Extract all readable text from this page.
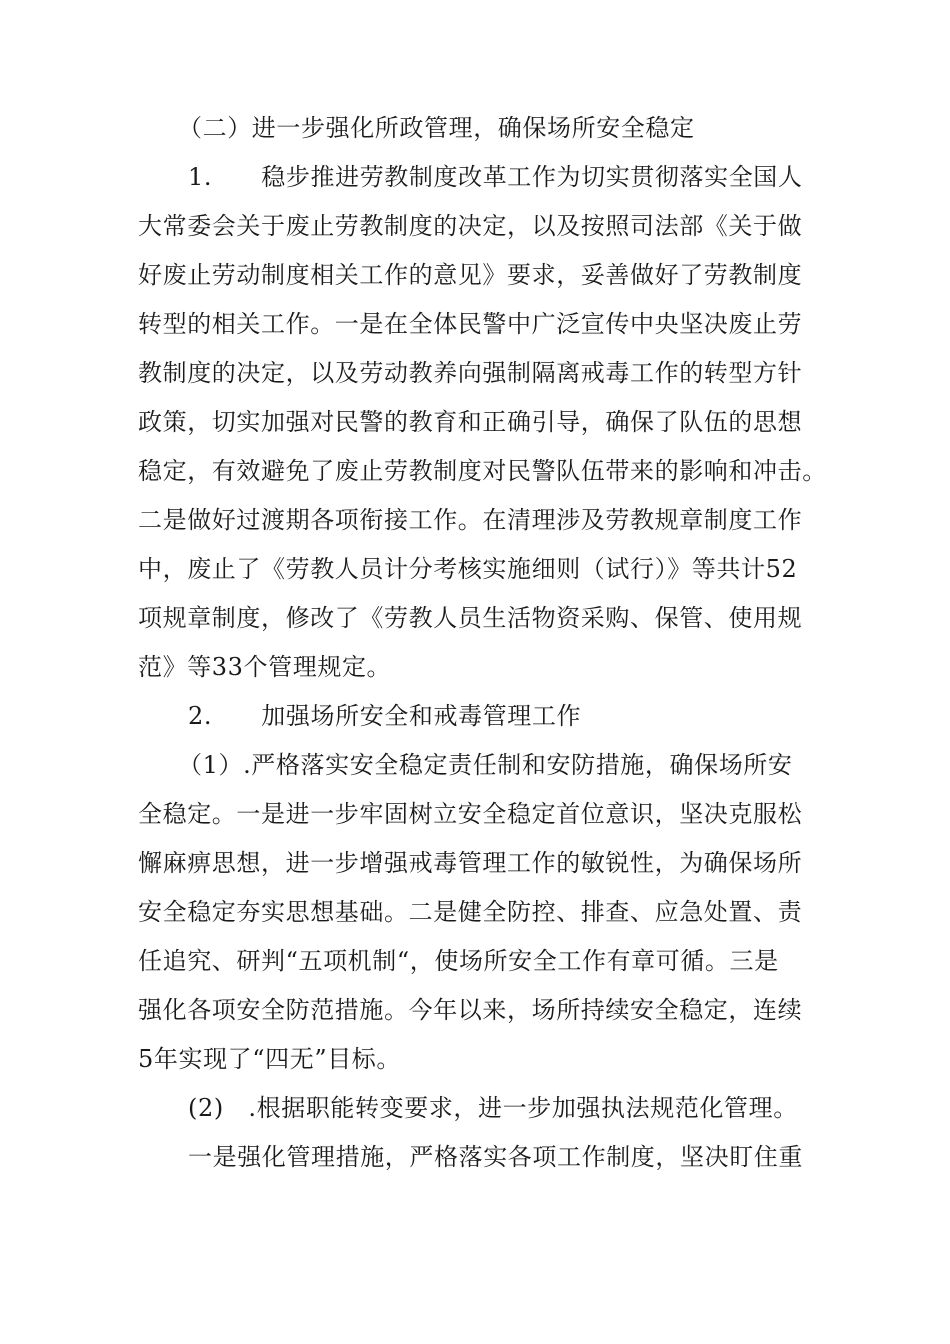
（二）进一步强化所政管理，确保场所安全稳定
1.　　稳步推进劳教制度改革工作为切实贯彻落实全国人
大常委会关于废止劳教制度的决定，以及按照司法部《关于做
好废止劳动制度相关工作的意见》要求，妥善做好了劳教制度
转型的相关工作。一是在全体民警中广泛宣传中央坚决废止劳
教制度的决定，以及劳动教养向强制隔离戒毒工作的转型方针
政策，切实加强对民警的教育和正确引导，确保了队伍的思想
稳定，有效避免了废止劳教制度对民警队伍带来的影响和冲击。
二是做好过渡期各项衔接工作。在清理涉及劳教规章制度工作
中，废止了《劳教人员计分考核实施细则（试行）》等共计52
项规章制度，修改了《劳教人员生活物资采购、保管、使用规
范》等33个管理规定。
2.　　加强场所安全和戒毒管理工作
（1）.严格落实安全稳定责任制和安防措施，确保场所安
全稳定。一是进一步牢固树立安全稳定首位意识，坚决克服松
懈麻痹思想，进一步增强戒毒管理工作的敏锐性，为确保场所
安全稳定夯实思想基础。二是健全防控、排查、应急处置、责
任追究、研判“五项机制“，使场所安全工作有章可循。三是
强化各项安全防范措施。今年以来，场所持续安全稳定，连续
5年实现了“四无”目标。
(2)　.根据职能转变要求，进一步加强执法规范化管理。
一是强化管理措施，严格落实各项工作制度，坚决盯住重
